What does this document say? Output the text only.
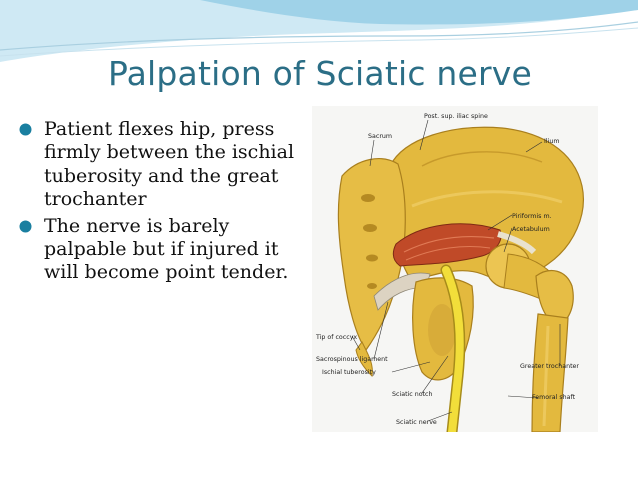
Palpation of Sciatic nerve
Patient flexes hip, press firmly between the ischial tuberosity and the great trochanter
The nerve is barely palpable but if injured it will become point tender.
Post. sup. iliac spine
Sacrum
Ilium
Piriformis m.
Acetabulum
Tip of coccyx
Sacrospinous ligament
Ischial tuberosity
Greater trochanter
Sciatic notch	Femoral shaft
Sciatic nerve
